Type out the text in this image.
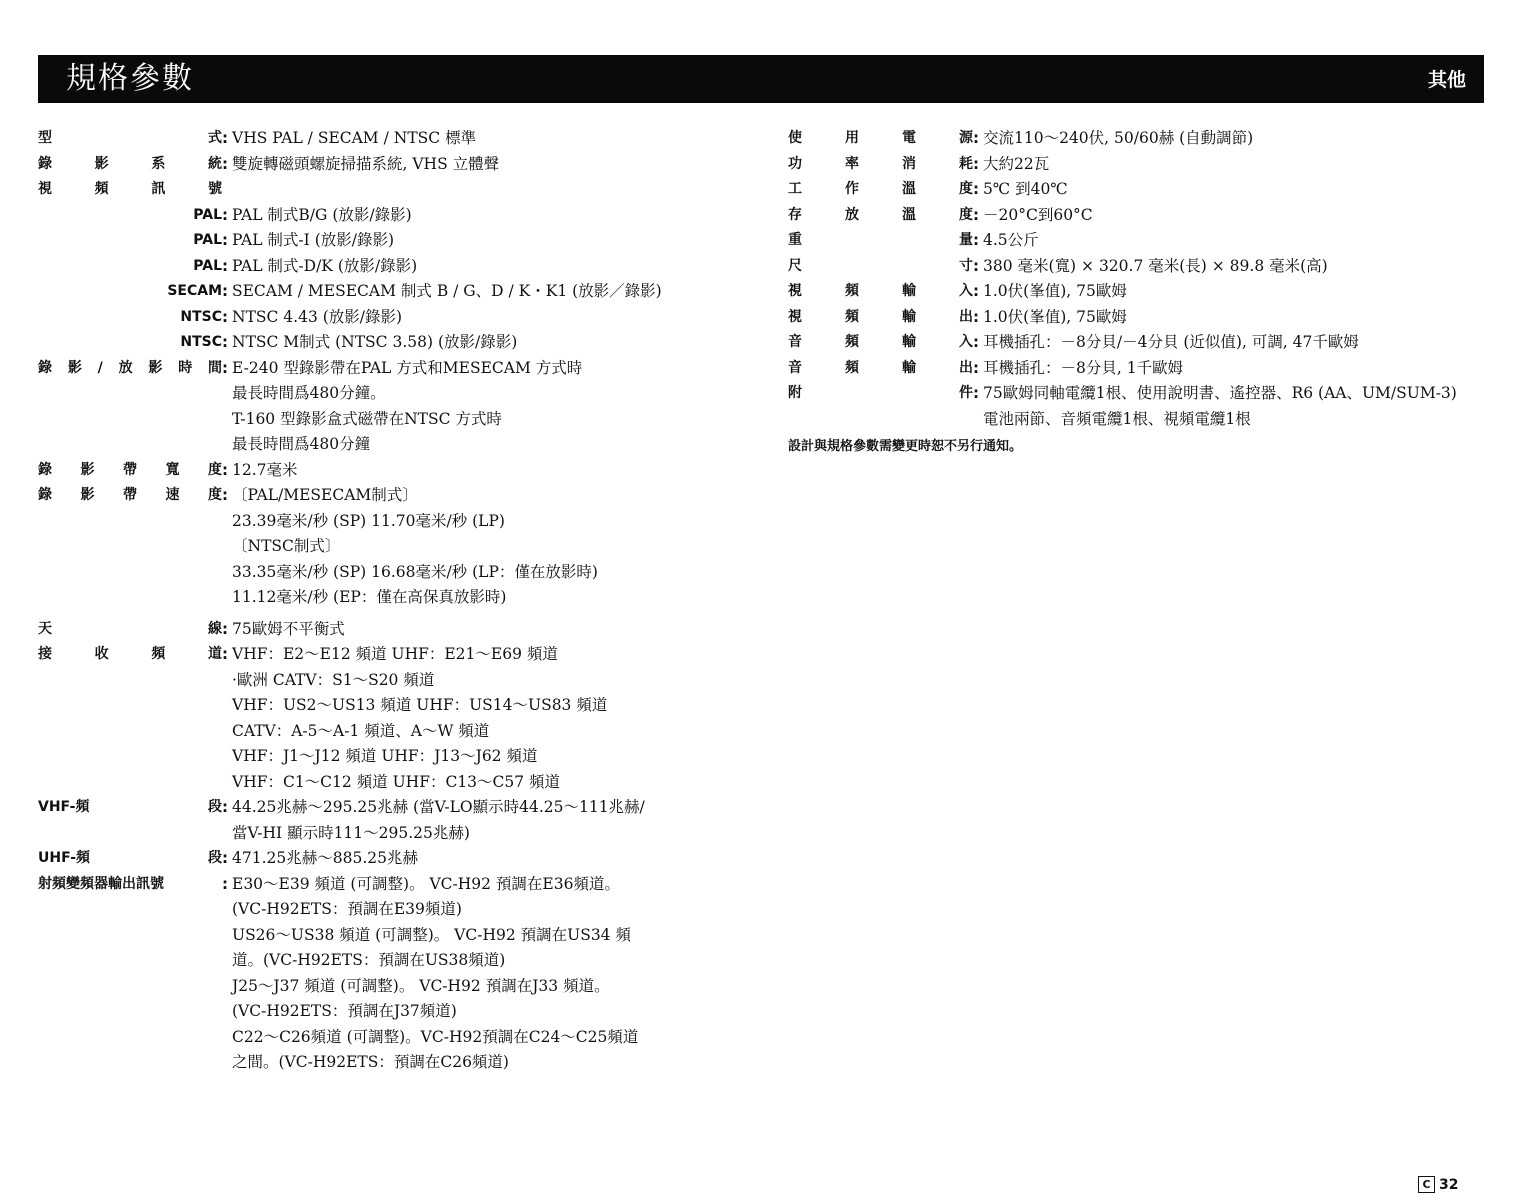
規格參數	其他
型	式 : VHS PAL / SECAM / NTSC 標準
錄	影	系	統 : 雙旋轉磁頭螺旋掃描系統, VHS 立體聲
視	頻	訊	號
PAL : PAL 制式B/G (放影/錄影)
PAL : PAL 制式-I (放影/錄影)
PAL : PAL 制式-D/K (放影/錄影)
SECAM : SECAM / MESECAM 制式 B / G、D / K・K1 (放影／錄影)
NTSC : NTSC 4.43 (放影/錄影)
NTSC : NTSC M制式 (NTSC 3.58) (放影/錄影)
錄 影 / 放 影 時 間 : E-240 型錄影帶在PAL 方式和MESECAM 方式時
最長時間爲480分鐘。
T-160 型錄影盒式磁帶在NTSC 方式時
最長時間爲480分鐘
錄 影 帶 寬 度 : 12.7毫米
錄 影 帶 速 度 : 〔PAL/MESECAM制式〕
23.39毫米/秒 (SP) 11.70毫米/秒 (LP)
〔NTSC制式〕
33.35毫米/秒 (SP) 16.68毫米/秒 (LP：僅在放影時)
11.12毫米/秒 (EP：僅在高保真放影時)
天	線 : 75歐姆不平衡式
接	收	頻	道 : VHF：E2～E12 頻道 UHF：E21～E69 頻道
·歐洲 CATV：S1～S20 頻道
VHF：US2～US13 頻道 UHF：US14～US83 頻道
CATV：A-5～A-1 頻道、A～W 頻道
VHF：J1～J12 頻道 UHF：J13～J62 頻道
VHF：C1～C12 頻道 UHF：C13～C57 頻道
VHF-頻	段 : 44.25兆赫～295.25兆赫 (當V-LO顯示時44.25～111兆赫/
當V-HI 顯示時111～295.25兆赫)
UHF-頻	段 : 471.25兆赫～885.25兆赫
射頻變頻器輸出訊號	: E30～E39 頻道 (可調整)。 VC-H92 預調在E36頻道。
(VC-H92ETS：預調在E39頻道)
US26～US38 頻道 (可調整)。 VC-H92 預調在US34 頻
道。(VC-H92ETS：預調在US38頻道)
J25～J37 頻道 (可調整)。 VC-H92 預調在J33 頻道。
(VC-H92ETS：預調在J37頻道)
C22～C26頻道 (可調整)。VC-H92預調在C24～C25頻道
之間。(VC-H92ETS：預調在C26頻道)
使	用	電	源 : 交流110～240伏, 50/60赫 (自動調節)
功	率	消	耗 : 大約22瓦
工	作	溫	度 : 5℃ 到40℃
存	放	溫	度 : －20°C到60°C
重	量 : 4.5公斤
尺	寸 : 380 毫米(寬) × 320.7 毫米(長) × 89.8 毫米(高)
視	頻	輸	入 : 1.0伏(峯值), 75歐姆
視	頻	輸	出 : 1.0伏(峯值), 75歐姆
音	頻	輸	入 : 耳機插孔：－8分貝/－4分貝 (近似值), 可調, 47千歐姆
音	頻	輸	出 : 耳機插孔：－8分貝, 1千歐姆
附	件 : 75歐姆同軸電纜1根、使用說明書、遙控器、R6 (AA、UM/SUM-3)
電池兩節、音頻電纜1根、視頻電纜1根
設計與規格參數需變更時恕不另行通知。
C 32
